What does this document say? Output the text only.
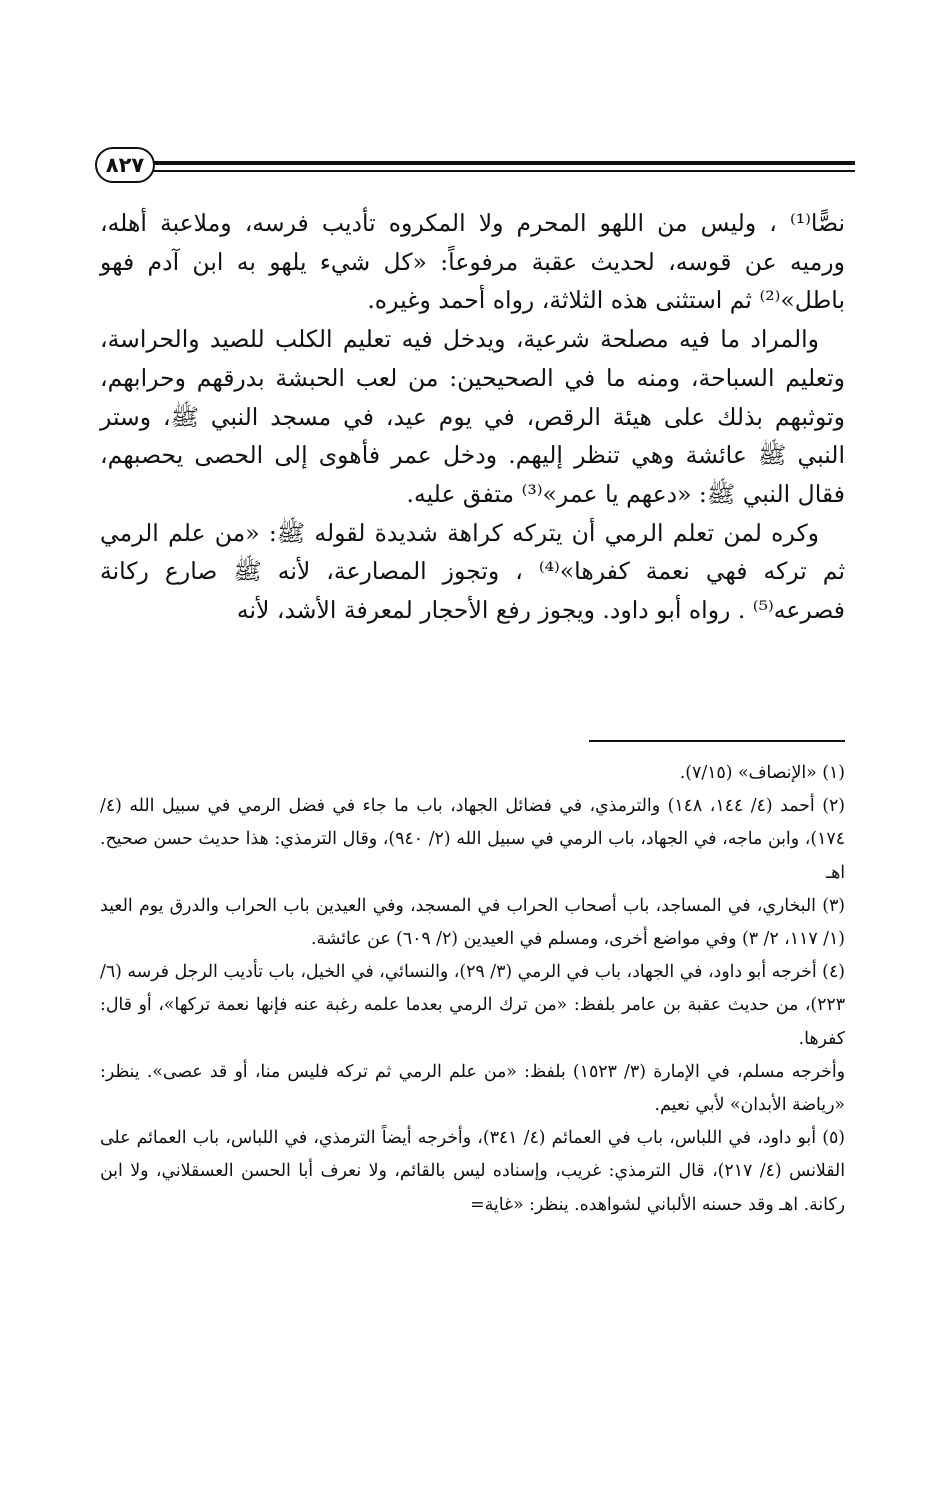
٨٢٧

نصًّا⁽¹⁾ ، وليس من اللهو المحرم ولا المكروه تأديب فرسه، وملاعبة أهله، ورميه عن قوسه، لحديث عقبة مرفوعاً: «كل شيء يلهو به ابن آدم فهو باطل»⁽²⁾ ثم استثنى هذه الثلاثة، رواه أحمد وغيره.

والمراد ما فيه مصلحة شرعية، ويدخل فيه تعليم الكلب للصيد والحراسة، وتعليم السباحة، ومنه ما في الصحيحين: من لعب الحبشة بدرقهم وحرابهم، وتوثبهم بذلك على هيئة الرقص، في يوم عيد، في مسجد النبي ﷺ، وستر النبي ﷺ عائشة وهي تنظر إليهم. ودخل عمر فأهوى إلى الحصى يحصبهم، فقال النبي ﷺ: «دعهم يا عمر»⁽³⁾ متفق عليه.

وكره لمن تعلم الرمي أن يتركه كراهة شديدة لقوله ﷺ: «من علم الرمي ثم تركه فهي نعمة كفرها»⁽⁴⁾ ، وتجوز المصارعة، لأنه ﷺ صارع ركانة فصرعه⁽⁵⁾ . رواه أبو داود. ويجوز رفع الأحجار لمعرفة الأشد، لأنه

(١) «الإنصاف» (٧/١٥).

(٢) أحمد (٤/ ١٤٤، ١٤٨) والترمذي، في فضائل الجهاد، باب ما جاء في فضل الرمي في سبيل الله (٤/ ١٧٤)، وابن ماجه، في الجهاد، باب الرمي في سبيل الله (٢/ ٩٤٠)، وقال الترمذي: هذا حديث حسن صحيح. اهـ

(٣) البخاري، في المساجد، باب أصحاب الحراب في المسجد، وفي العيدين باب الحراب والدرق يوم العيد (١/ ١١٧، ٢/ ٣) وفي مواضع أخرى، ومسلم في العيدين (٢/ ٦٠٩) عن عائشة.

(٤) أخرجه أبو داود، في الجهاد، باب في الرمي (٣/ ٢٩)، والنسائي، في الخيل، باب تأديب الرجل فرسه (٦/ ٢٢٣)، من حديث عقبة بن عامر بلفظ: «من ترك الرمي بعدما علمه رغبة عنه فإنها نعمة تركها»، أو قال: كفرها.

وأخرجه مسلم، في الإمارة (٣/ ١٥٢٣) بلفظ: «من علم الرمي ثم تركه فليس منا، أو قد عصى». ينظر: «رياضة الأبدان» لأبي نعيم.

(٥) أبو داود، في اللباس، باب في العمائم (٤/ ٣٤١)، وأخرجه أيضاً الترمذي، في اللباس، باب العمائم على القلانس (٤/ ٢١٧)، قال الترمذي: غريب، وإسناده ليس بالقائم، ولا نعرف أبا الحسن العسقلاني، ولا ابن ركانة. اهـ وقد حسنه الألباني لشواهده. ينظر: «غاية=
